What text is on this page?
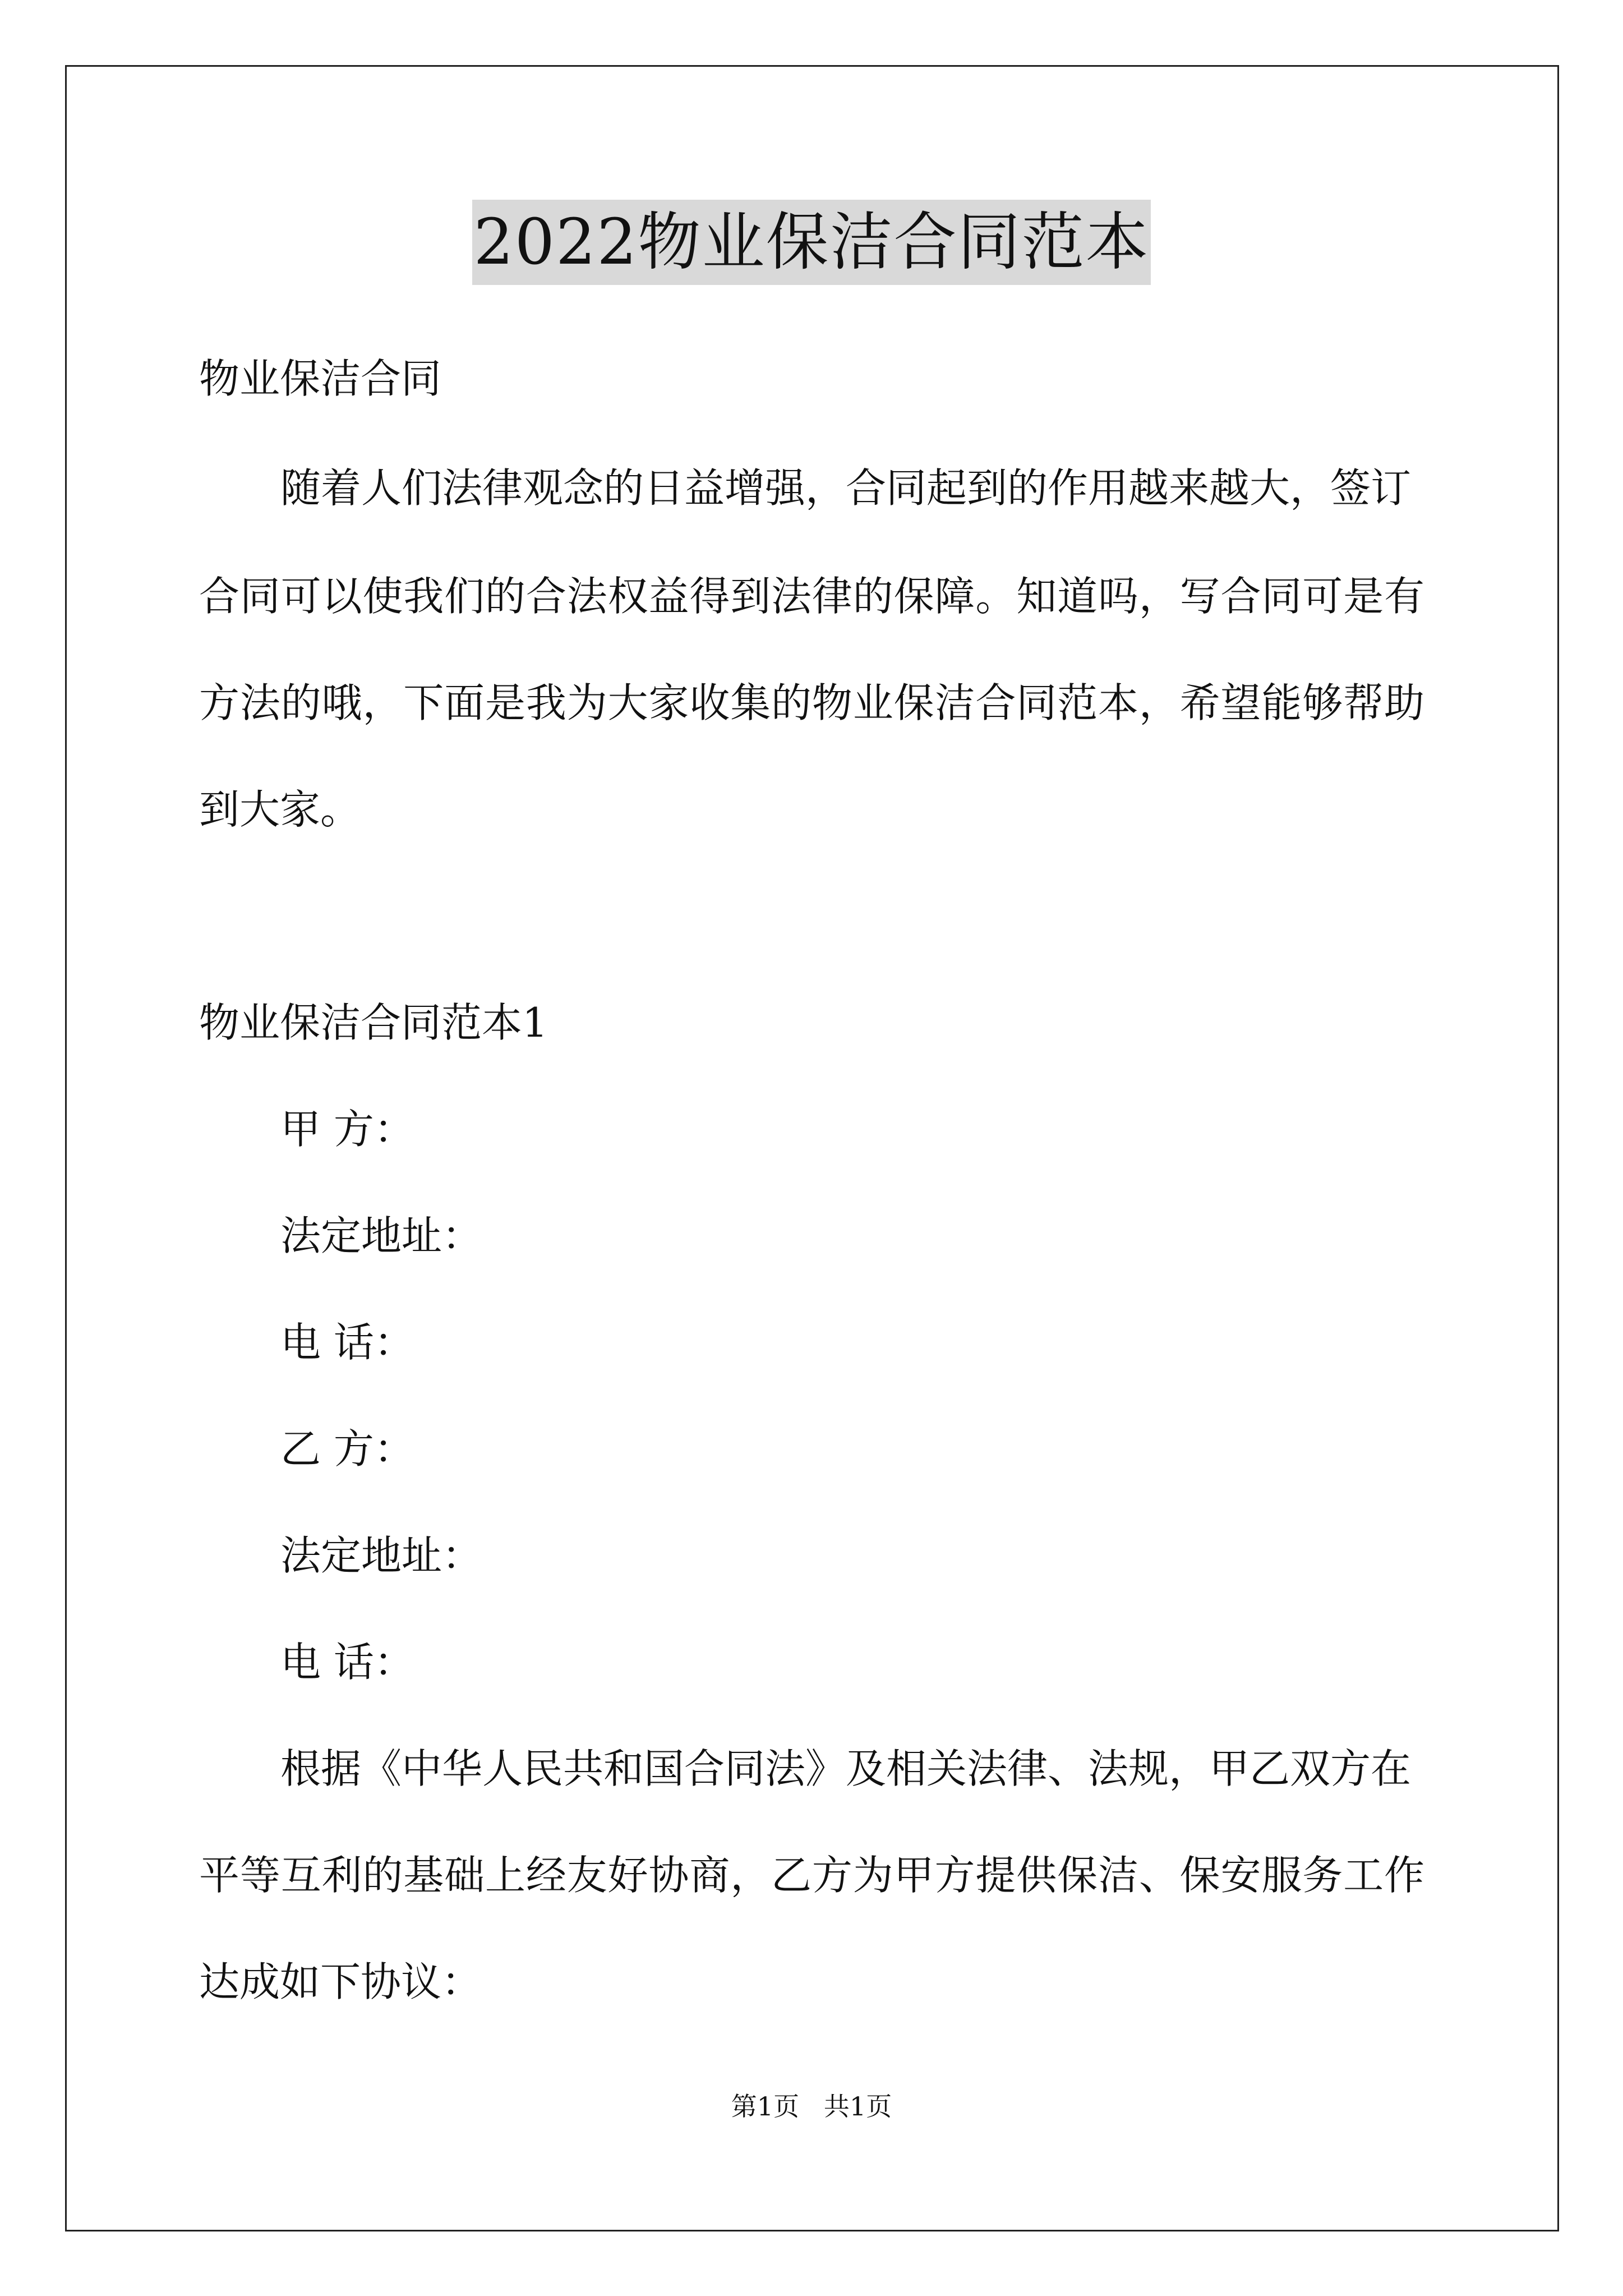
2022物业保洁合同范本
物业保洁合同
随着人们法律观念的日益增强，合同起到的作用越来越大，签订
合同可以使我们的合法权益得到法律的保障。知道吗，写合同可是有
方法的哦，下面是我为大家收集的物业保洁合同范本，希望能够帮助
到大家。
物业保洁合同范本1
甲 方：
法定地址：
电 话：
乙 方：
法定地址：
电 话：
根据《中华人民共和国合同法》及相关法律、法规，甲乙双方在
平等互利的基础上经友好协商，乙方为甲方提供保洁、保安服务工作
达成如下协议：
第1页   共1页
